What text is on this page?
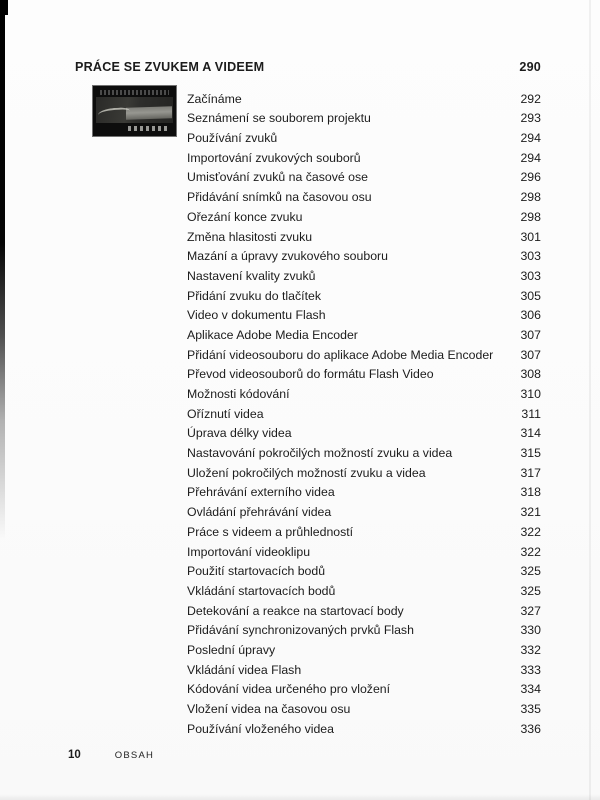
PRÁCE SE ZVUKEM A VIDEEM	290
Začínáme	292
Seznámení se souborem projektu	293
Používání zvuků	294
Importování zvukových souborů	294
Umisťování zvuků na časové ose	296
Přidávání snímků na časovou osu	298
Ořezání konce zvuku	298
Změna hlasitosti zvuku	301
Mazání a úpravy zvukového souboru	303
Nastavení kvality zvuků	303
Přidání zvuku do tlačítek	305
Video v dokumentu Flash	306
Aplikace Adobe Media Encoder	307
Přidání videosouboru do aplikace Adobe Media Encoder	307
Převod videosouborů do formátu Flash Video	308
Možnosti kódování	310
Oříznutí videa	311
Úprava délky videa	314
Nastavování pokročilých možností zvuku a videa	315
Uložení pokročilých možností zvuku a videa	317
Přehrávání externího videa	318
Ovládání přehrávání videa	321
Práce s videem a průhledností	322
Importování videoklipu	322
Použití startovacích bodů	325
Vkládání startovacích bodů	325
Detekování a reakce na startovací body	327
Přidávání synchronizovaných prvků Flash	330
Poslední úpravy	332
Vkládání videa Flash	333
Kódování videa určeného pro vložení	334
Vložení videa na časovou osu	335
Používání vloženého videa	336
10	OBSAH
